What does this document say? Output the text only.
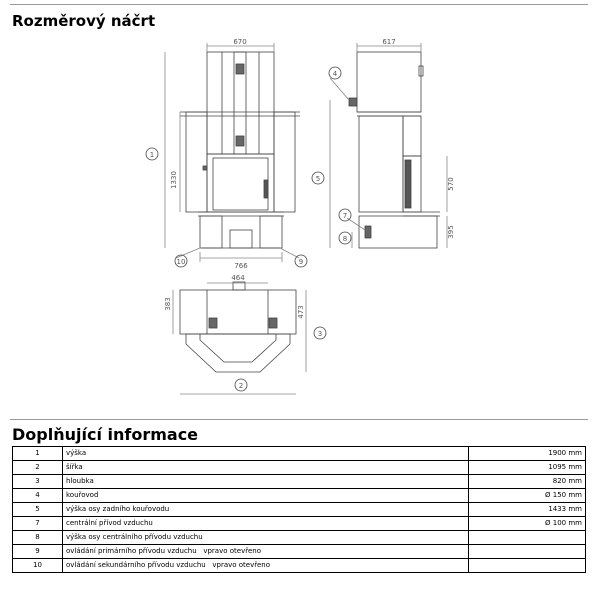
Rozměrový náčrt
1
5
4
7
8
10	9
3
2
670
1330
766
617
570
395
464
383
473
Doplňující informace
1	výška	1900 mm
2	šířka	1095 mm
3	hloubka	820 mm
4	kouřovod	Ø 150 mm
5	výška osy zadního kouřovodu	1433 mm
7	centrální přívod vzduchu	Ø 100 mm
8	výška osy centrálního přívodu vzduchu	
9	ovládání primárního přívodu vzduchu   vpravo otevřeno	
10	ovládání sekundárního přívodu vzduchu   vpravo otevřeno	
